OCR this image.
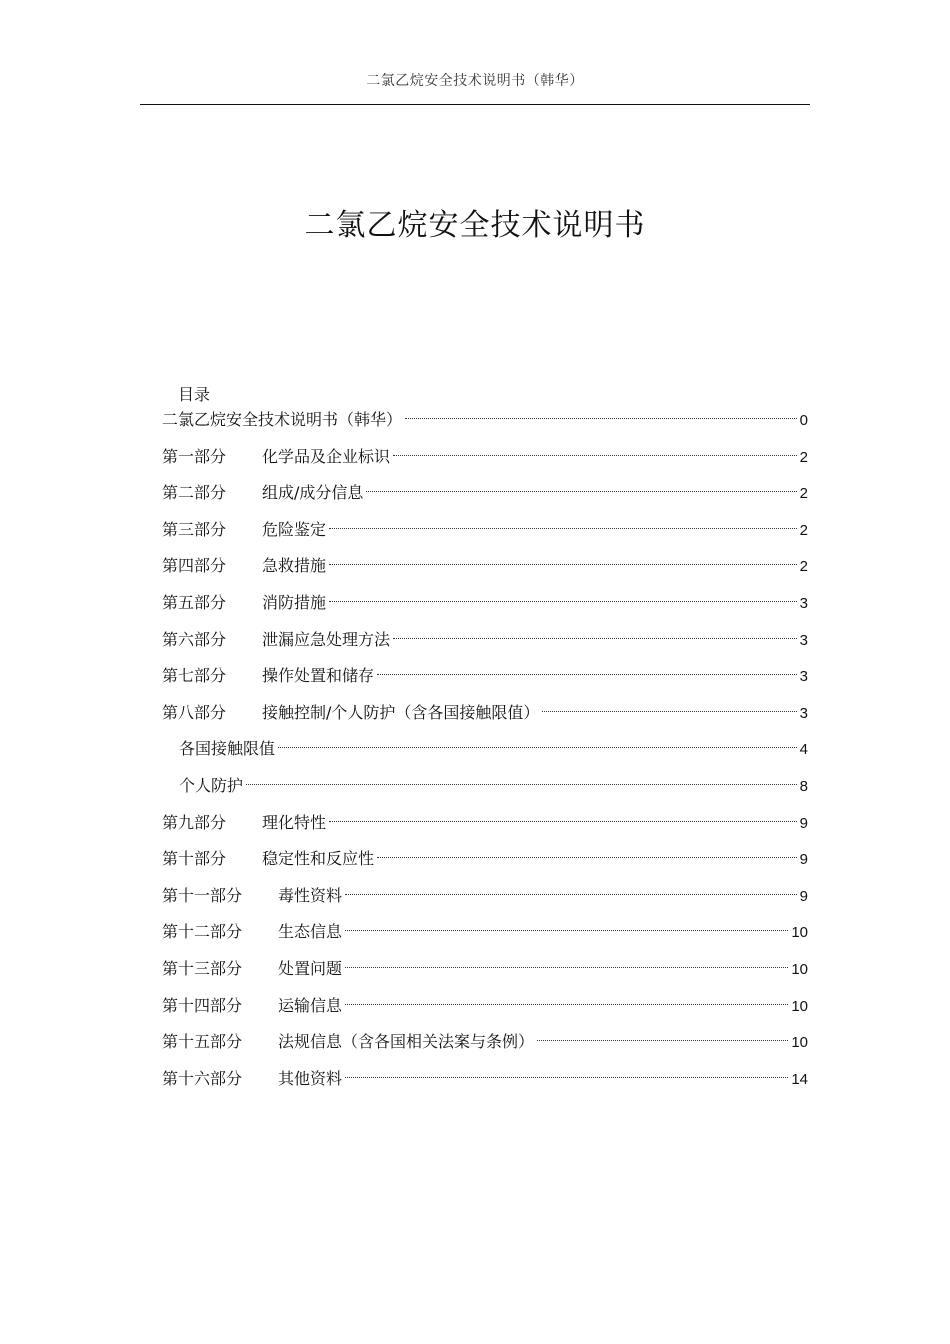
二氯乙烷安全技术说明书（韩华）
二氯乙烷安全技术说明书
目录
二氯乙烷安全技术说明书（韩华）	0
第一部分	化学品及企业标识	2
第二部分	组成/成分信息	2
第三部分	危险鉴定	2
第四部分	急救措施	2
第五部分	消防措施	3
第六部分	泄漏应急处理方法	3
第七部分	操作处置和储存	3
第八部分	接触控制/个人防护（含各国接触限值）	3
各国接触限值	4
个人防护	8
第九部分	理化特性	9
第十部分	稳定性和反应性	9
第十一部分	毒性资料	9
第十二部分	生态信息	10
第十三部分	处置问题	10
第十四部分	运输信息	10
第十五部分	法规信息（含各国相关法案与条例）	10
第十六部分	其他资料	14
